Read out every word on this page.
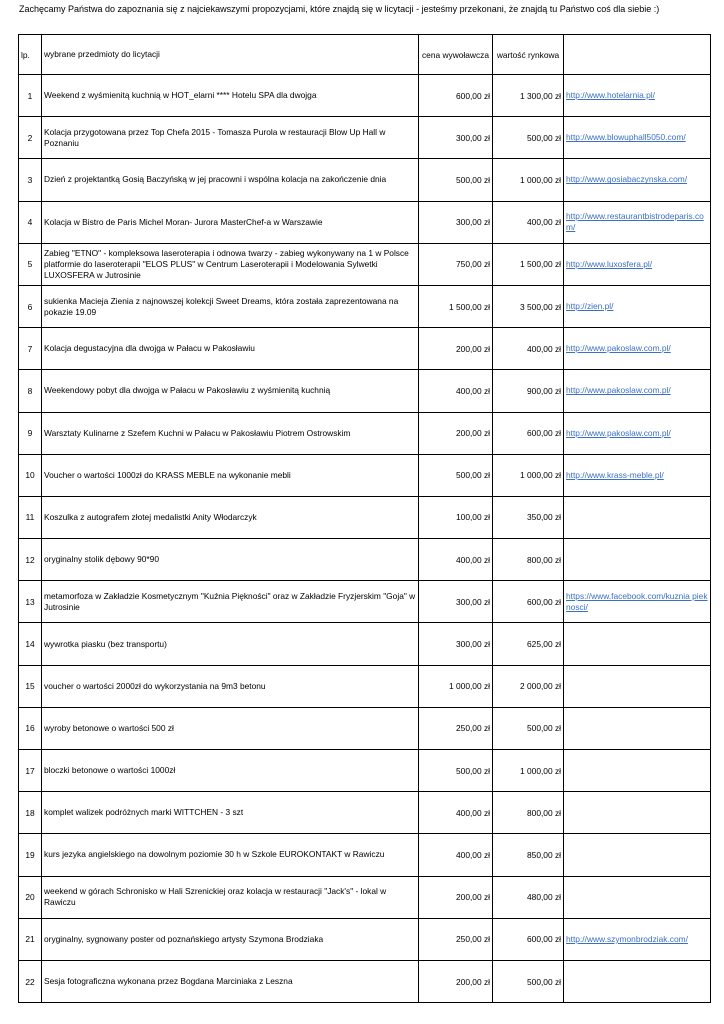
Zachęcamy Państwa do zapoznania się z najciekawszymi propozycjami, które znajdą się w licytacji - jesteśmy przekonani, że znajdą tu Państwo coś dla siebie :)
lp.	wybrane przedmioty do licytacji	cena wywoławcza	wartość rynkowa	
1	Weekend z wyśmienitą kuchnią w HOT_elarni **** Hotelu SPA dla dwojga	600,00 zł	1 300,00 zł	http://www.hotelarnia.pl/
2	Kolacja przygotowana przez Top Chefa 2015 - Tomasza Purola w restauracji Blow Up Hall w Poznaniu	300,00 zł	500,00 zł	http://www.blowuphall5050.com/
3	Dzień z projektantką Gosią Baczyńską w jej pracowni i wspólna kolacja na zakończenie dnia	500,00 zł	1 000,00 zł	http://www.gosiabaczynska.com/
4	Kolacja w Bistro de Paris Michel Moran- Jurora MasterChef-a w Warszawie	300,00 zł	400,00 zł	http://www.restaurantbistrodeparis.com/
5	Zabieg "ETNO" - kompleksowa laseroterapia i odnowa twarzy - zabieg wykonywany na 1 w Polsce platformie do laseroterapii "ELOS PLUS" w Centrum Laseroterapii i Modelowania Sylwetki LUXOSFERA w Jutrosinie	750,00 zł	1 500,00 zł	http://www.luxosfera.pl/
6	sukienka Macieja Zienia z najnowszej kolekcji Sweet Dreams, która została zaprezentowana na pokazie 19.09	1 500,00 zł	3 500,00 zł	http://zien.pl/
7	Kolacja degustacyjna dla dwojga w Pałacu w Pakosławiu	200,00 zł	400,00 zł	http://www.pakoslaw.com.pl/
8	Weekendowy pobyt dla dwojga w Pałacu w Pakosławiu z wyśmienitą kuchnią	400,00 zł	900,00 zł	http://www.pakoslaw.com.pl/
9	Warsztaty Kulinarne z Szefem Kuchni w Pałacu w Pakosławiu Piotrem Ostrowskim	200,00 zł	600,00 zł	http://www.pakoslaw.com.pl/
10	Voucher o wartości 1000zł do KRASS MEBLE na wykonanie mebli	500,00 zł	1 000,00 zł	http://www.krass-meble.pl/
11	Koszulka z autografem złotej medalistki Anity Włodarczyk	100,00 zł	350,00 zł	
12	oryginalny stolik dębowy 90*90	400,00 zł	800,00 zł	
13	metamorfoza w Zakładzie Kosmetycznym "Kuźnia Piękności" oraz w Zakładzie Fryzjerskim "Goja" w Jutrosinie	300,00 zł	600,00 zł	https://www.facebook.com/kuznia pieknosci/
14	wywrotka piasku (bez transportu)	300,00 zł	625,00 zł	
15	voucher o wartości 2000zł do wykorzystania na 9m3 betonu	1 000,00 zł	2 000,00 zł	
16	wyroby betonowe o wartości 500 zł	250,00 zł	500,00 zł	
17	bloczki betonowe o wartości 1000zł	500,00 zł	1 000,00 zł	
18	komplet walizek podróżnych marki WITTCHEN - 3 szt	400,00 zł	800,00 zł	
19	kurs jezyka angielskiego na dowolnym poziomie 30 h w Szkole EUROKONTAKT w Rawiczu	400,00 zł	850,00 zł	
20	weekend w górach Schronisko w Hali Szrenickiej oraz kolacja w restauracji "Jack's" - lokal w Rawiczu	200,00 zł	480,00 zł	
21	oryginalny, sygnowany poster od poznańskiego artysty Szymona Brodziaka	250,00 zł	600,00 zł	http://www.szymonbrodziak.com/
22	Sesja fotograficzna wykonana przez Bogdana Marciniaka z Leszna	200,00 zł	500,00 zł	
